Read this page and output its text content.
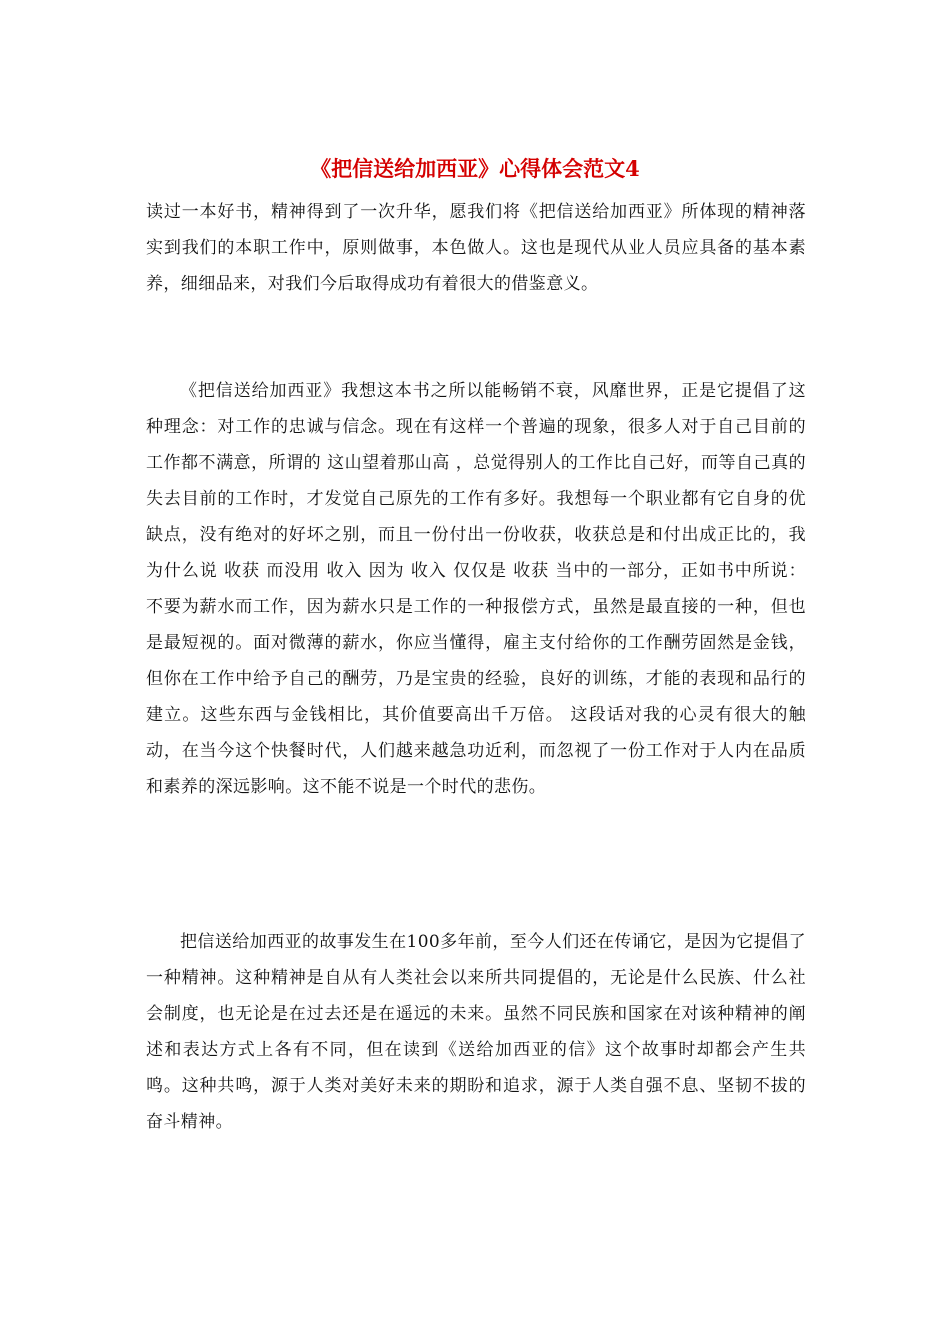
《把信送给加西亚》心得体会范文4

读过一本好书，精神得到了一次升华，愿我们将《把信送给加西亚》所体现的精神落实到我们的本职工作中，原则做事，本色做人。这也是现代从业人员应具备的基本素养，细细品来，对我们今后取得成功有着很大的借鉴意义。

《把信送给加西亚》我想这本书之所以能畅销不衰，风靡世界，正是它提倡了这种理念：对工作的忠诚与信念。现在有这样一个普遍的现象，很多人对于自己目前的工作都不满意，所谓的 这山望着那山高 ，总觉得别人的工作比自己好，而等自己真的失去目前的工作时，才发觉自己原先的工作有多好。我想每一个职业都有它自身的优缺点，没有绝对的好坏之别，而且一份付出一份收获，收获总是和付出成正比的，我为什么说 收获 而没用 收入 因为 收入 仅仅是 收获 当中的一部分，正如书中所说： 不要为薪水而工作，因为薪水只是工作的一种报偿方式，虽然是最直接的一种，但也是最短视的。面对微薄的薪水，你应当懂得，雇主支付给你的工作酬劳固然是金钱，但你在工作中给予自己的酬劳，乃是宝贵的经验，良好的训练，才能的表现和品行的建立。这些东西与金钱相比，其价值要高出千万倍。 这段话对我的心灵有很大的触动，在当今这个快餐时代，人们越来越急功近利，而忽视了一份工作对于人内在品质和素养的深远影响。这不能不说是一个时代的悲伤。

把信送给加西亚的故事发生在100多年前，至今人们还在传诵它，是因为它提倡了一种精神。这种精神是自从有人类社会以来所共同提倡的，无论是什么民族、什么社会制度，也无论是在过去还是在遥远的未来。虽然不同民族和国家在对该种精神的阐述和表达方式上各有不同，但在读到《送给加西亚的信》这个故事时却都会产生共鸣。这种共鸣，源于人类对美好未来的期盼和追求，源于人类自强不息、坚韧不拔的奋斗精神。
